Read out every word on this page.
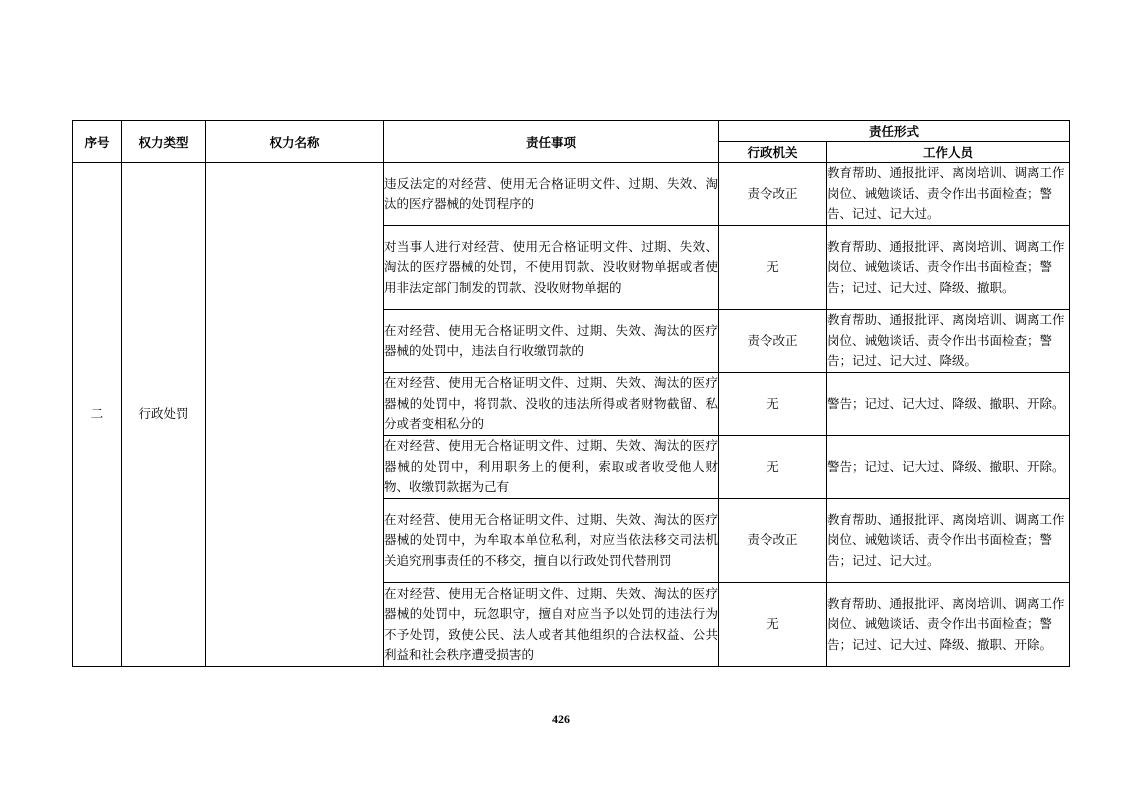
序号	权力类型	权力名称	责任事项	责任形式	
				行政机关	工作人员
二	行政处罚		违反法定的对经营、使用无合格证明文件、过期、失效、淘汰的医疗器械的处罚程序的	责令改正	教育帮助、通报批评、离岗培训、调离工作岗位、诫勉谈话、责令作出书面检查；警告、记过、记大过。
			对当事人进行对经营、使用无合格证明文件、过期、失效、淘汰的医疗器械的处罚，不使用罚款、没收财物单据或者使用非法定部门制发的罚款、没收财物单据的	无	教育帮助、通报批评、离岗培训、调离工作岗位、诫勉谈话、责令作出书面检查；警告；记过、记大过、降级、撤职。
			在对经营、使用无合格证明文件、过期、失效、淘汰的医疗器械的处罚中，违法自行收缴罚款的	责令改正	教育帮助、通报批评、离岗培训、调离工作岗位、诫勉谈话、责令作出书面检查；警告；记过、记大过、降级。
			在对经营、使用无合格证明文件、过期、失效、淘汰的医疗器械的处罚中，将罚款、没收的违法所得或者财物截留、私分或者变相私分的	无	警告；记过、记大过、降级、撤职、开除。
			在对经营、使用无合格证明文件、过期、失效、淘汰的医疗器械的处罚中，利用职务上的便利，索取或者收受他人财物、收缴罚款据为己有	无	警告；记过、记大过、降级、撤职、开除。
			在对经营、使用无合格证明文件、过期、失效、淘汰的医疗器械的处罚中，为牟取本单位私利，对应当依法移交司法机关追究刑事责任的不移交，擅自以行政处罚代替刑罚	责令改正	教育帮助、通报批评、离岗培训、调离工作岗位、诫勉谈话、责令作出书面检查；警告；记过、记大过。
			在对经营、使用无合格证明文件、过期、失效、淘汰的医疗器械的处罚中，玩忽职守，擅自对应当予以处罚的违法行为不予处罚，致使公民、法人或者其他组织的合法权益、公共利益和社会秩序遭受损害的	无	教育帮助、通报批评、离岗培训、调离工作岗位、诫勉谈话、责令作出书面检查；警告；记过、记大过、降级、撤职、开除。
426
